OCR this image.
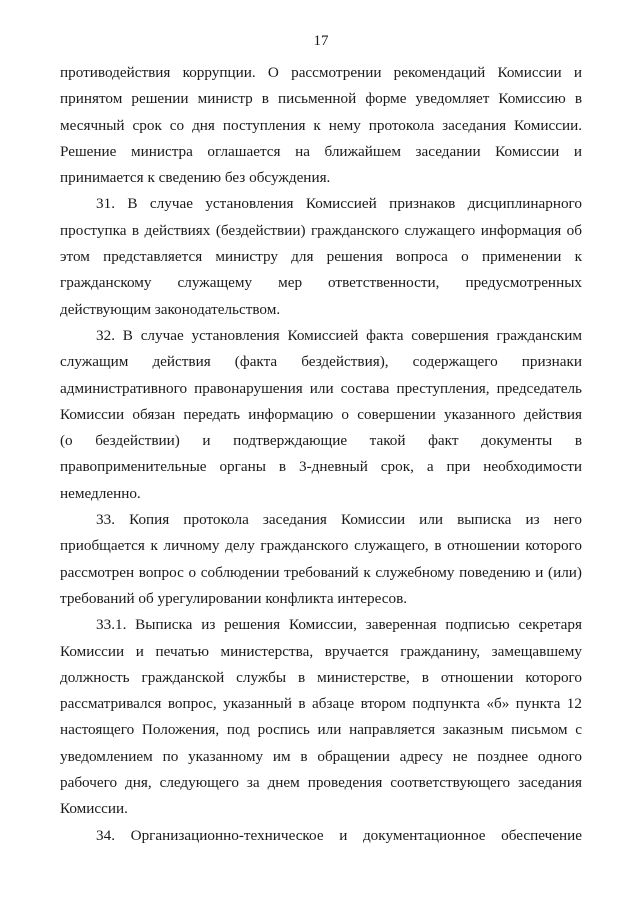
17
противодействия коррупции. О рассмотрении рекомендаций Комиссии и
принятом решении министр в письменной форме уведомляет Комиссию в
месячный срок со дня поступления к нему протокола заседания Комиссии.
Решение министра оглашается на ближайшем заседании Комиссии и
принимается к сведению без обсуждения.
31. В случае установления Комиссией признаков дисциплинарного
проступка в действиях (бездействии) гражданского служащего информация об
этом представляется министру для решения вопроса о применении к
гражданскому служащему мер ответственности, предусмотренных
действующим законодательством.
32. В случае установления Комиссией факта совершения гражданским
служащим действия (факта бездействия), содержащего признаки
административного правонарушения или состава преступления, председатель
Комиссии обязан передать информацию о совершении указанного действия
(о бездействии) и подтверждающие такой факт документы в
правоприменительные органы в 3-дневный срок, а при необходимости
немедленно.
33. Копия протокола заседания Комиссии или выписка из него
приобщается к личному делу гражданского служащего, в отношении которого
рассмотрен вопрос о соблюдении требований к служебному поведению и (или)
требований об урегулировании конфликта интересов.
33.1. Выписка из решения Комиссии, заверенная подписью секретаря
Комиссии и печатью министерства, вручается гражданину, замещавшему
должность гражданской службы в министерстве, в отношении которого
рассматривался вопрос, указанный в абзаце втором подпункта «б» пункта 12
настоящего Положения, под роспись или направляется заказным письмом с
уведомлением по указанному им в обращении адресу не позднее одного
рабочего дня, следующего за днем проведения соответствующего заседания
Комиссии.
34. Организационно-техническое и документационное обеспечение
